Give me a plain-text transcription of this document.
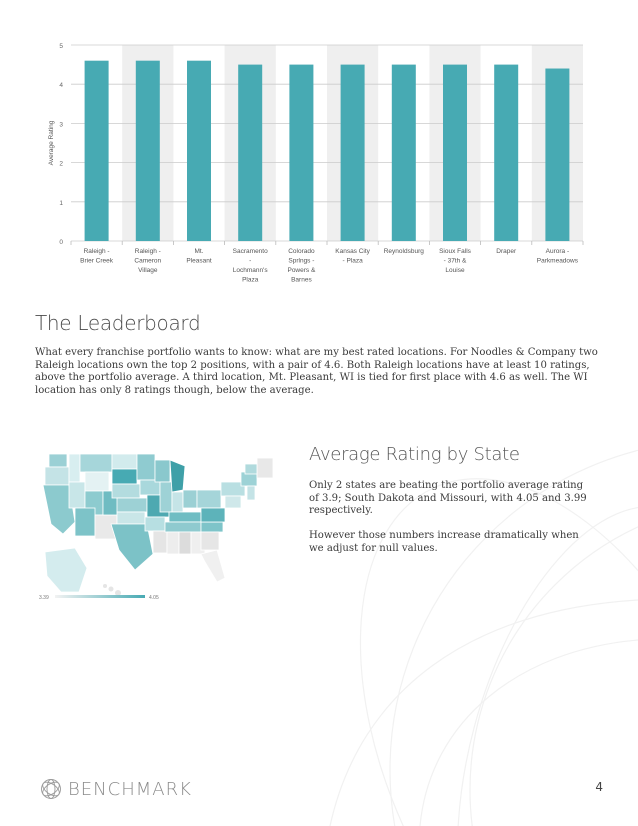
0
1
2
3
4
5
Average Rating
Raleigh -Brier Creek
Raleigh -Cameron Village
Mt. Pleasant
Sacramento -Lochmann's Plaza
Colorado Sprlngs -Powers & Barnes
Kansas City - Plaza
Reynoldsburg Sioux Falls - 37th & Louise
Draper	Aurora -Parkmeadows
The Leaderboard
What every franchise portfolio wants to know: what are my best rated locations. For Noodles & Company two Raleigh locations own the top 2 positions, with a pair of 4.6. Both Raleigh locations have at least 10 ratings, above the portfolio average. A third location, Mt. Pleasant, WI is tied for first place with 4.6 as well. The WI location has only 8 ratings though, below the average.
3.39	4.05
Average Rating by State
Only 2 states are beating the portfolio average rating of 3.9; South Dakota and Missouri, with 4.05 and 3.99 respectively.
However those numbers increase dramatically when we adjust for null values.
BENCHMARK	4
